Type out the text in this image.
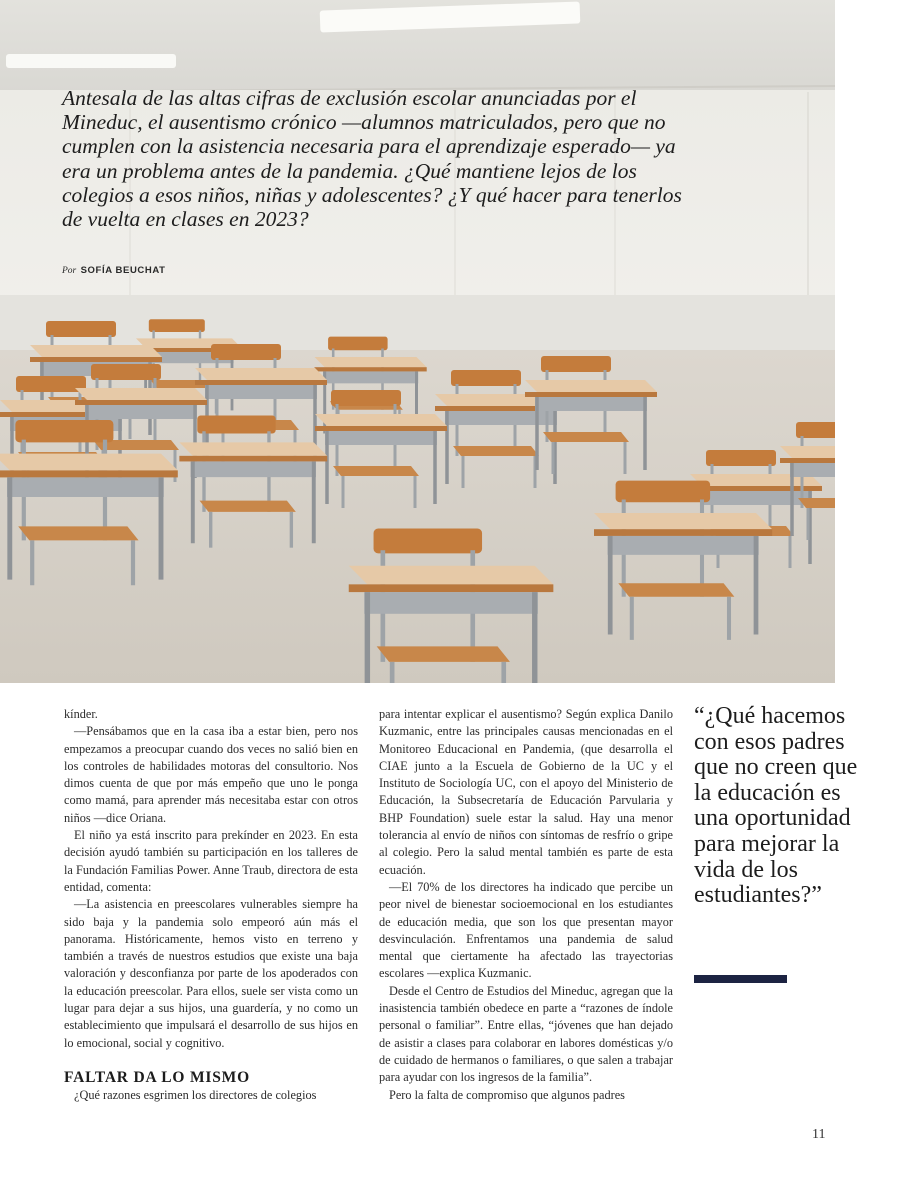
Antesala de las altas cifras de exclusión escolar anunciadas por el Mineduc, el ausentismo crónico —alumnos matriculados, pero que no cumplen con la asistencia necesaria para el aprendizaje esperado— ya era un problema antes de la pandemia. ¿Qué mantiene lejos de los colegios a esos niños, niñas y adolescentes? ¿Y qué hacer para tenerlos de vuelta en clases en 2023?

Por SOFÍA BEUCHAT

kínder.

—Pensábamos que en la casa iba a estar bien, pero nos empezamos a preocupar cuando dos veces no salió bien en los controles de habilidades motoras del consultorio. Nos dimos cuenta de que por más empeño que uno le ponga como mamá, para aprender más necesitaba estar con otros niños —dice Oriana.

El niño ya está inscrito para prekínder en 2023. En esta decisión ayudó también su participación en los talleres de la Fundación Familias Power. Anne Traub, directora de esta entidad, comenta:

—La asistencia en preescolares vulnerables siempre ha sido baja y la pandemia solo empeoró aún más el panorama. Históricamente, hemos visto en terreno y también a través de nuestros estudios que existe una baja valoración y desconfianza por parte de los apoderados con la educación preescolar. Para ellos, suele ser vista como un lugar para dejar a sus hijos, una guardería, y no como un establecimiento que impulsará el desarrollo de sus hijos en lo emocional, social y cognitivo.

FALTAR DA LO MISMO

¿Qué razones esgrimen los directores de colegios

para intentar explicar el ausentismo? Según explica Danilo Kuzmanic, entre las principales causas mencionadas en el Monitoreo Educacional en Pandemia, (que desarrolla el CIAE junto a la Escuela de Gobierno de la UC y el Instituto de Sociología UC, con el apoyo del Ministerio de Educación, la Subsecretaría de Educación Parvularia y BHP Foundation) suele estar la salud. Hay una menor tolerancia al envío de niños con síntomas de resfrío o gripe al colegio. Pero la salud mental también es parte de esta ecuación.

—El 70% de los directores ha indicado que percibe un peor nivel de bienestar socioemocional en los estudiantes de educación media, que son los que presentan mayor desvinculación. Enfrentamos una pandemia de salud mental que ciertamente ha afectado las trayectorias escolares —explica Kuzmanic.

Desde el Centro de Estudios del Mineduc, agregan que la inasistencia también obedece en parte a “razones de índole personal o familiar”. Entre ellas, “jóvenes que han dejado de asistir a clases para colaborar en labores domésticas y/o de cuidado de hermanos o familiares, o que salen a trabajar para ayudar con los ingresos de la familia”.

Pero la falta de compromiso que algunos padres

“¿Qué hacemos con esos padres que no creen que la educación es una oportunidad para mejorar la vida de los estudiantes?”

11
